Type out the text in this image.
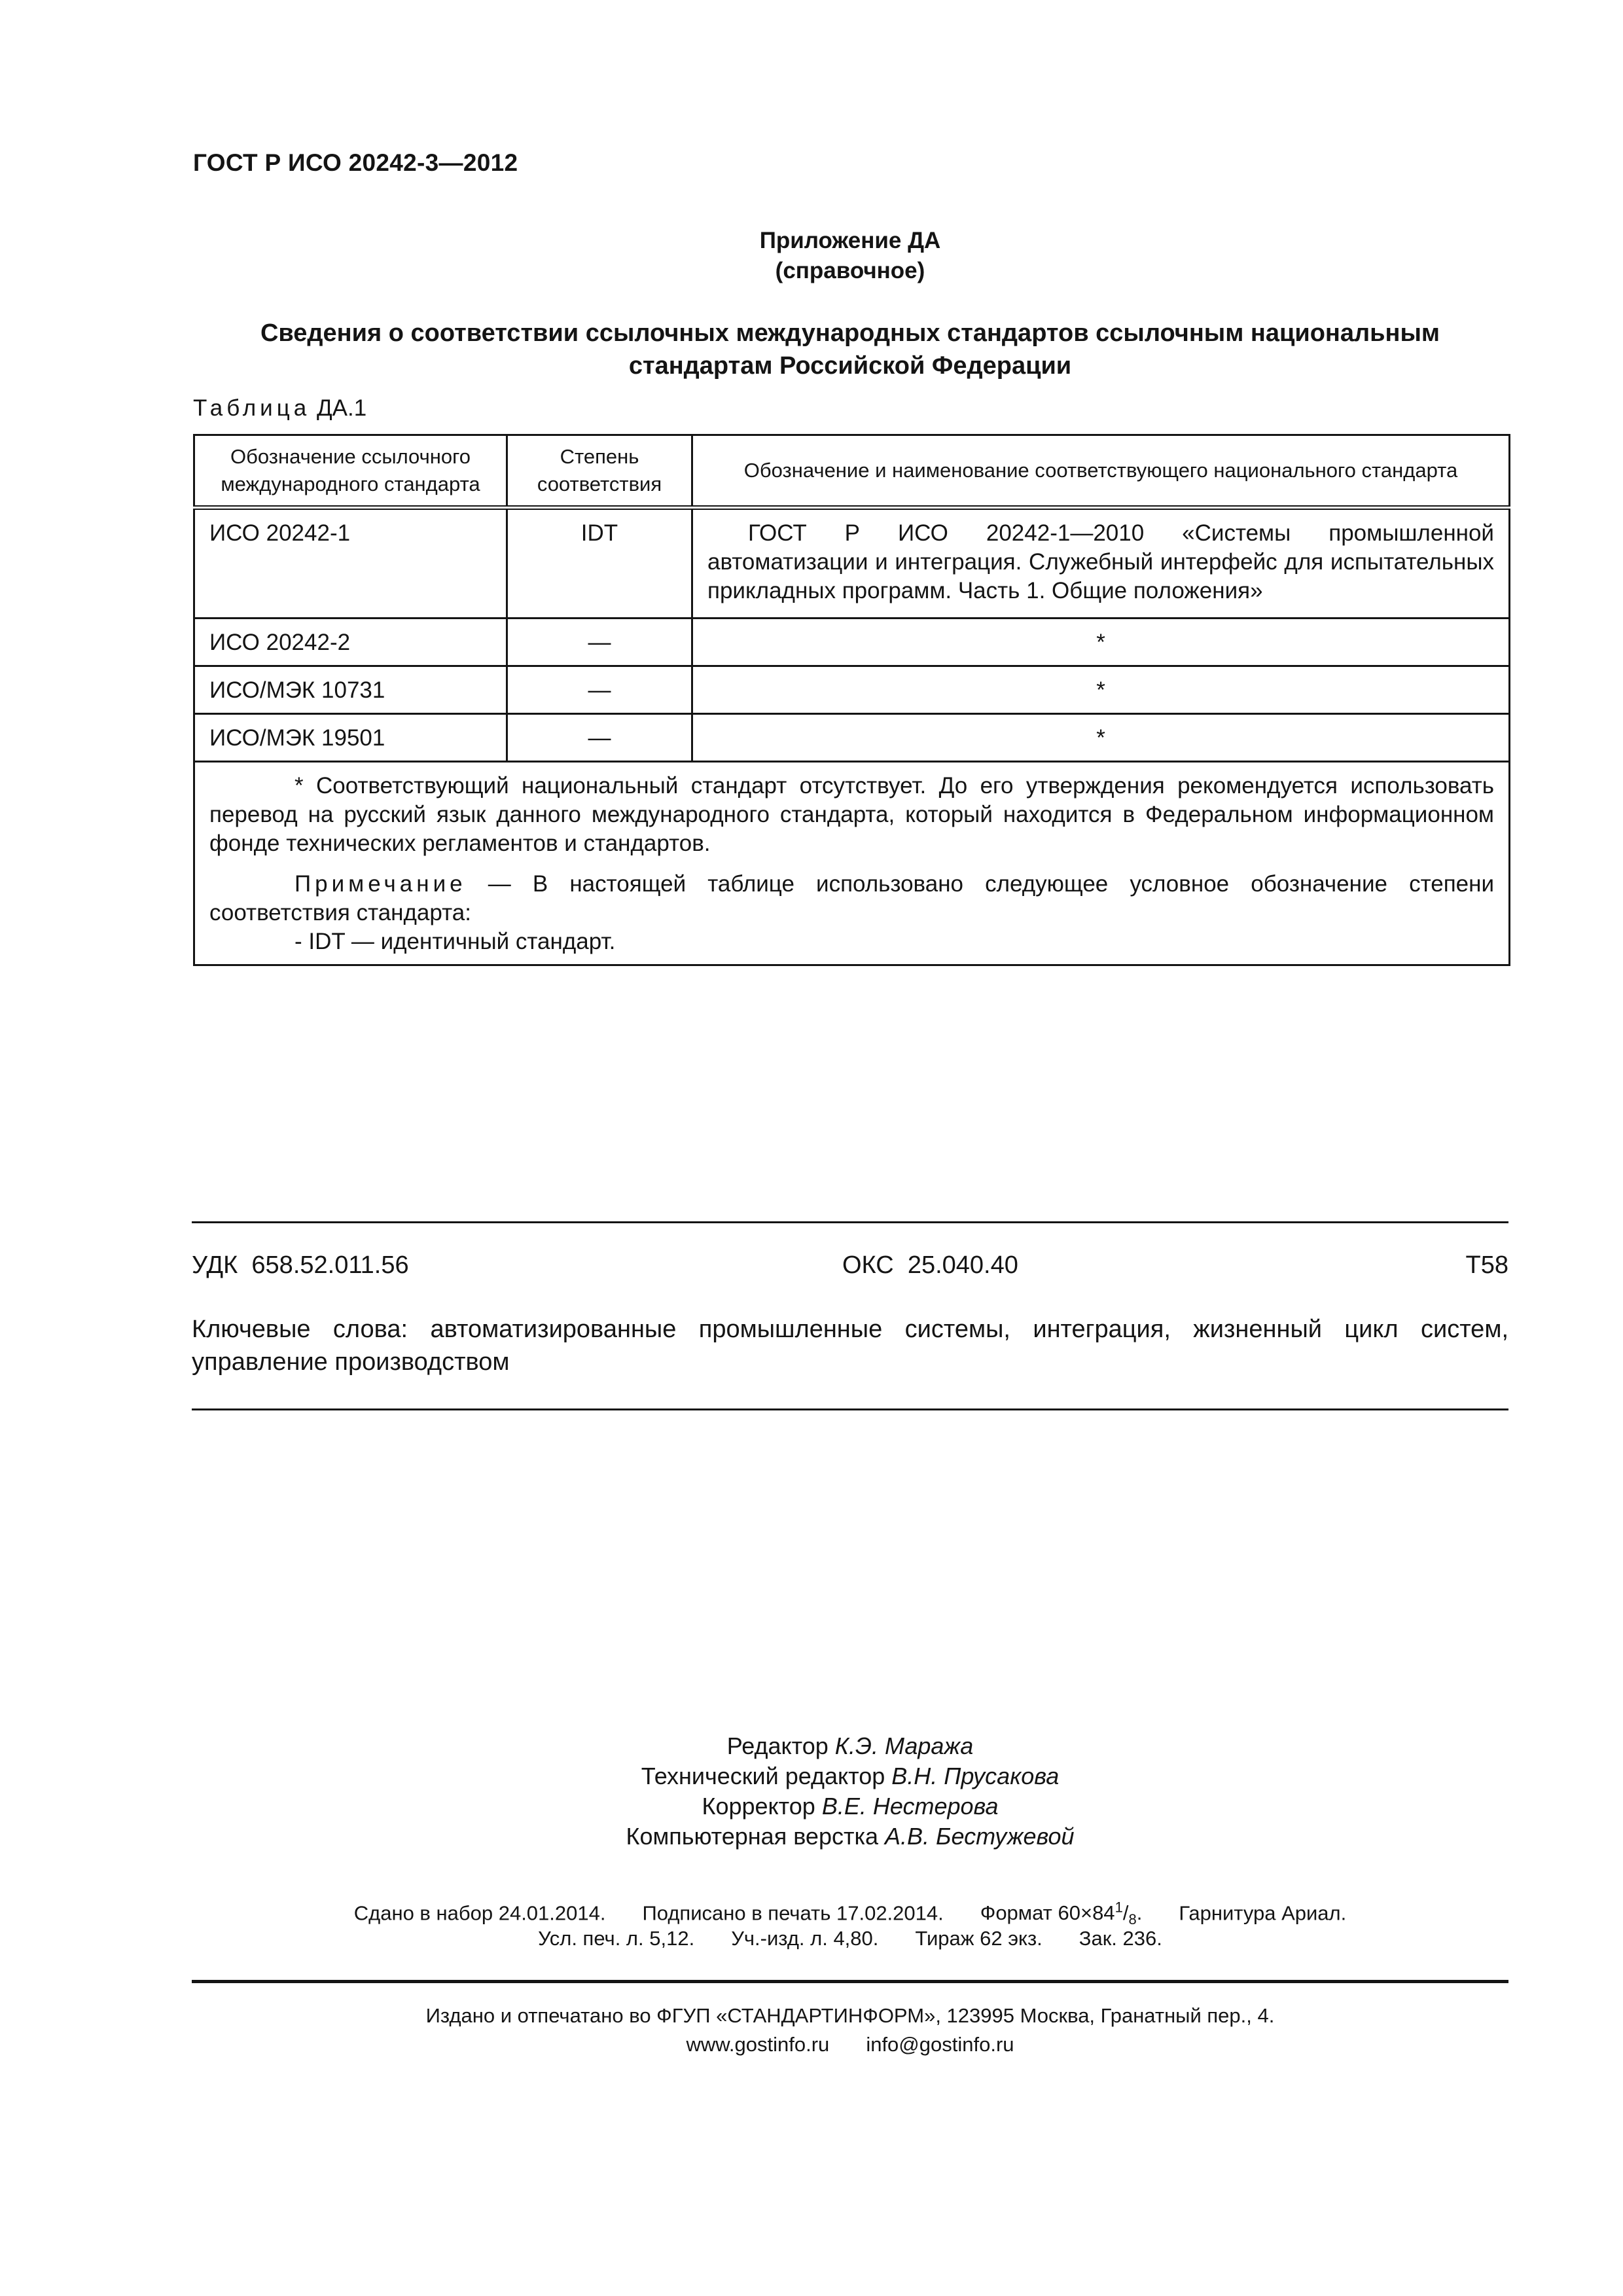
ГОСТ Р ИСО 20242-3—2012
Приложение ДА
(справочное)
Сведения о соответствии ссылочных международных стандартов ссылочным национальным
стандартам Российской Федерации
Таблица ДА.1
Обозначение ссылочного международного стандарта	Степень соответствия	Обозначение и наименование соответствующего национального стандарта
ИСО 20242-1	IDT	ГОСТ Р ИСО 20242-1—2010 «Системы промышленной автоматизации и интеграция. Служебный интерфейс для испытательных прикладных программ. Часть 1. Общие положения»
ИСО 20242-2	—	*
ИСО/МЭК 10731	—	*
ИСО/МЭК 19501	—	*

* Соответствующий национальный стандарт отсутствует. До его утверждения рекомендуется использовать перевод на русский язык данного международного стандарта, который находится в Федеральном информационном фонде технических регламентов и стандартов.

Примечание — В настоящей таблице использовано следующее условное обозначение степени соответствия стандарта:

- IDT — идентичный стандарт.		

УДК  658.52.011.56	ОКС  25.040.40	Т58
Ключевые слова: автоматизированные промышленные системы, интеграция, жизненный цикл систем, управление производством
Редактор К.Э. Маража
Технический редактор В.Н. Прусакова
Корректор В.Е. Нестерова
Компьютерная верстка А.В. Бестужевой
Сдано в набор 24.01.2014. Подписано в печать 17.02.2014. Формат $60\times 84^1/_8$. Гарнитура Ариал.
Усл. печ. л. 5,12. Уч.-изд. л. 4,80. Тираж 62 экз. Зак. 236.
Издано и отпечатано во ФГУП «СТАНДАРТИНФОРМ», 123995 Москва, Гранатный пер., 4.
www.gostinfo.ru info@gostinfo.ru
